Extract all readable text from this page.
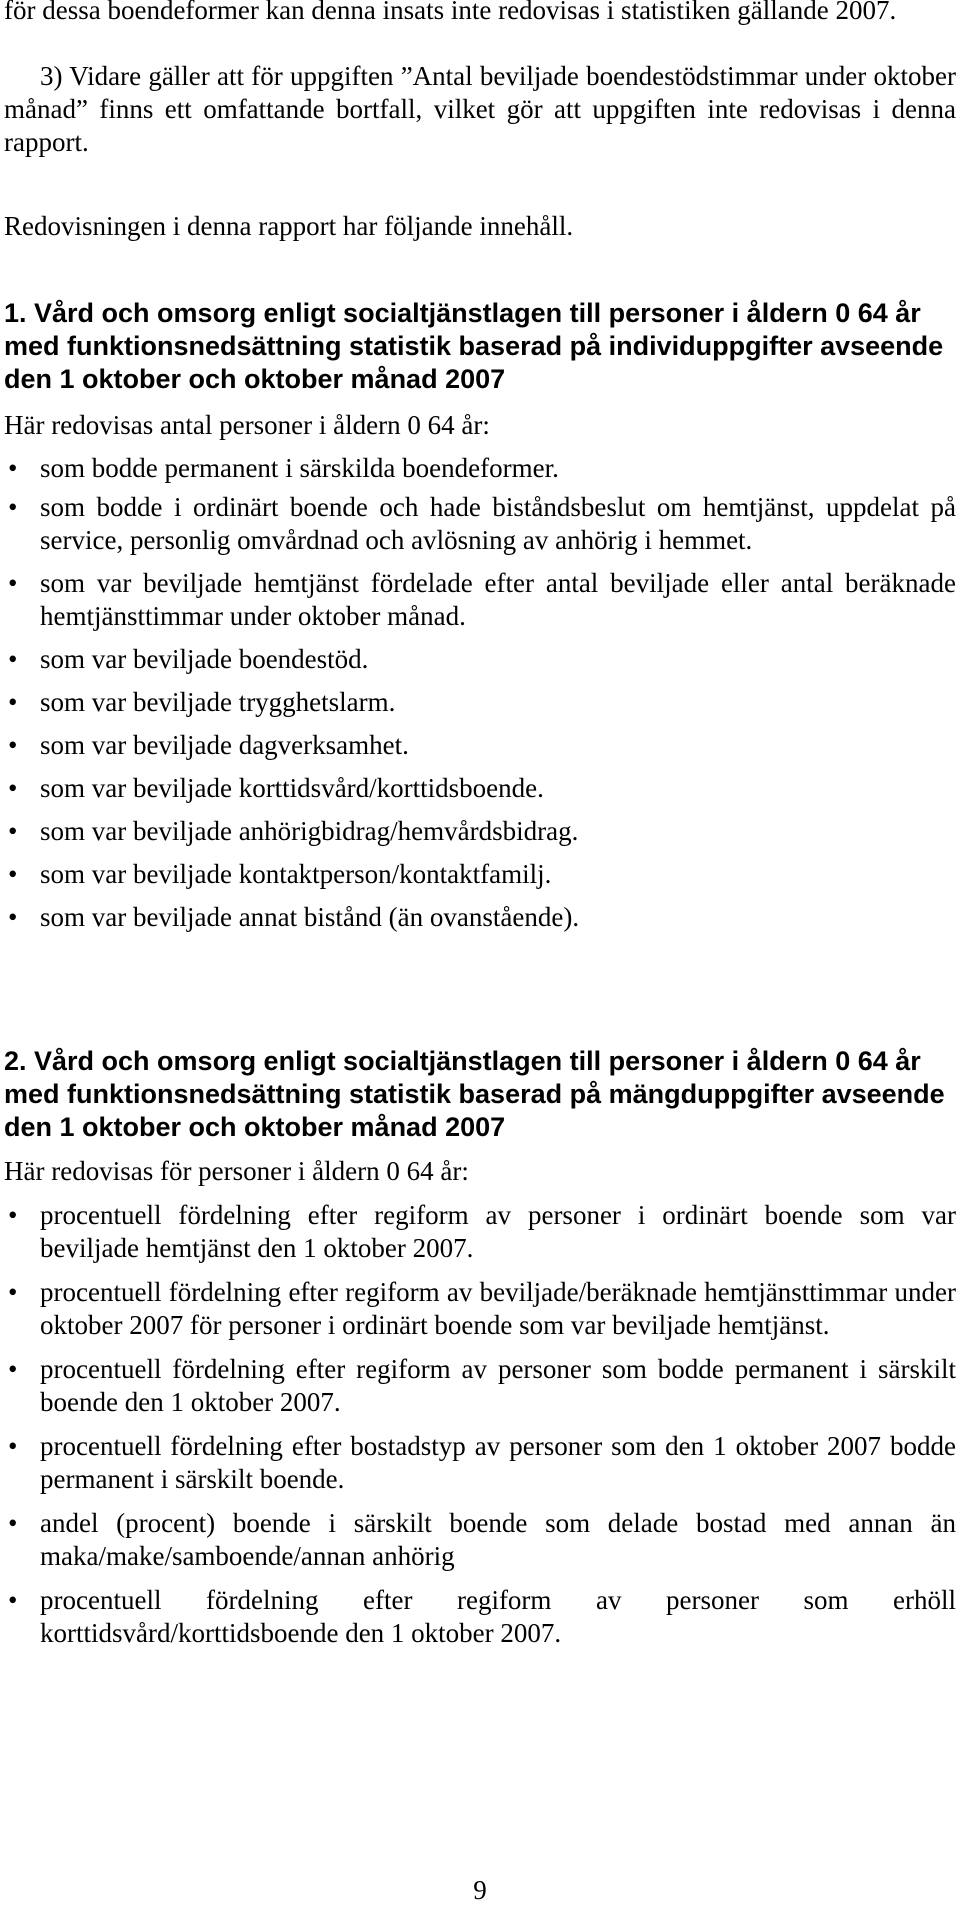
för dessa boendeformer kan denna insats inte redovisas i statistiken gällande 2007.

3) Vidare gäller att för uppgiften ”Antal beviljade boendestödstimmar under oktober månad” finns ett omfattande bortfall, vilket gör att uppgiften inte redovisas i denna rapport.

Redovisningen i denna rapport har följande innehåll.

1. Vård och omsorg enligt socialtjänstlagen till personer i åldern 0 64 år med funktionsnedsättning statistik baserad på individuppgifter avseende den 1 oktober och oktober månad 2007

Här redovisas antal personer i åldern 0 64 år:

• som bodde permanent i särskilda boendeformer.
• som bodde i ordinärt boende och hade biståndsbeslut om hemtjänst, uppdelat på service, personlig omvårdnad och avlösning av anhörig i hemmet.
• som var beviljade hemtjänst fördelade efter antal beviljade eller antal beräknade hemtjänsttimmar under oktober månad.
• som var beviljade boendestöd.
• som var beviljade trygghetslarm.
• som var beviljade dagverksamhet.
• som var beviljade korttidsvård/korttidsboende.
• som var beviljade anhörigbidrag/hemvårdsbidrag.
• som var beviljade kontaktperson/kontaktfamilj.
• som var beviljade annat bistånd (än ovanstående).
2. Vård och omsorg enligt socialtjänstlagen till personer i åldern 0 64 år med funktionsnedsättning statistik baserad på mängduppgifter avseende den 1 oktober och oktober månad 2007

Här redovisas för personer i åldern 0 64 år:

• procentuell fördelning efter regiform av personer i ordinärt boende som var beviljade hemtjänst den 1 oktober 2007.
• procentuell fördelning efter regiform av beviljade/beräknade hemtjänsttimmar under oktober 2007 för personer i ordinärt boende som var beviljade hemtjänst.
• procentuell fördelning efter regiform av personer som bodde permanent i särskilt boende den 1 oktober 2007.
• procentuell fördelning efter bostadstyp av personer som den 1 oktober 2007 bodde permanent i särskilt boende.
• andel (procent) boende i särskilt boende som delade bostad med annan än maka/make/samboende/annan anhörig
• procentuell fördelning efter regiform av personer som erhöll korttidsvård/korttidsboende den 1 oktober 2007.
9
